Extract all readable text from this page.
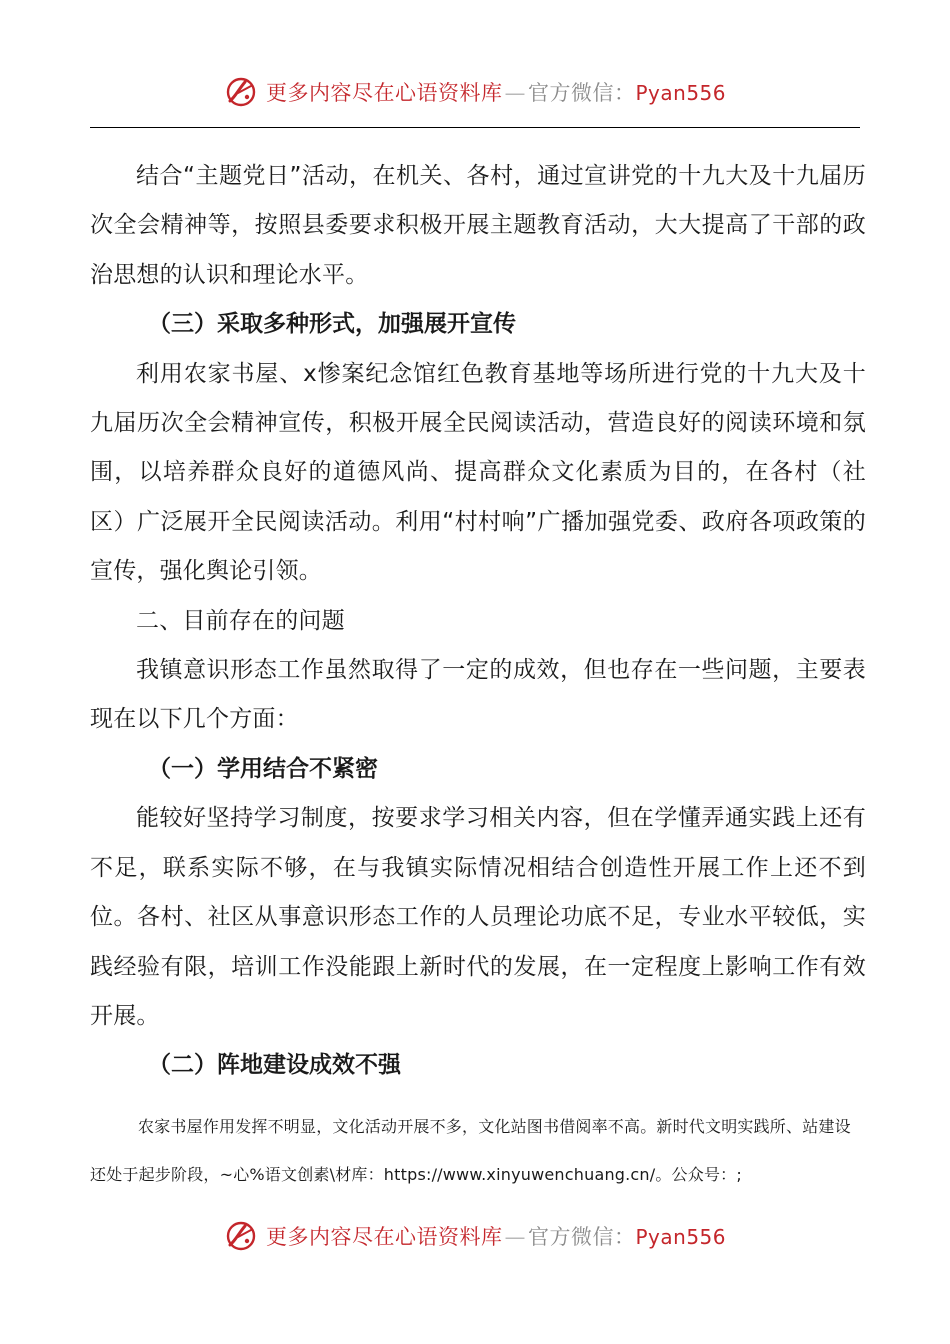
更多内容尽在心语资料库 — 官方微信： Pyan556

结合“主题党日”活动，在机关、各村，通过宣讲党的十九大及十九届历次全会精神等，按照县委要求积极开展主题教育活动，大大提高了干部的政治思想的认识和理论水平。

（三）采取多种形式，加强展开宣传

利用农家书屋、x惨案纪念馆红色教育基地等场所进行党的十九大及十九届历次全会精神宣传，积极开展全民阅读活动，营造良好的阅读环境和氛围，以培养群众良好的道德风尚、提高群众文化素质为目的，在各村（社区）广泛展开全民阅读活动。利用“村村响”广播加强党委、政府各项政策的宣传，强化舆论引领。

二、目前存在的问题

我镇意识形态工作虽然取得了一定的成效，但也存在一些问题，主要表现在以下几个方面：

（一）学用结合不紧密

能较好坚持学习制度，按要求学习相关内容，但在学懂弄通实践上还有不足，联系实际不够，在与我镇实际情况相结合创造性开展工作上还不到位。各村、社区从事意识形态工作的人员理论功底不足，专业水平较低，实践经验有限，培训工作没能跟上新时代的发展，在一定程度上影响工作有效开展。

（二）阵地建设成效不强

农家书屋作用发挥不明显，文化活动开展不多，文化站图书借阅率不高。新时代文明实践所、站建设还处于起步阶段，~心%语文创素\材库：https://www.xinyuwenchuang.cn/。公众号：;

更多内容尽在心语资料库 — 官方微信： Pyan556
